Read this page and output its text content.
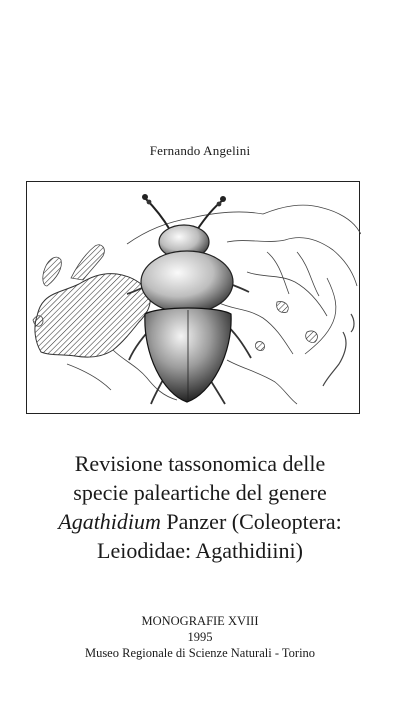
Fernando Angelini
Revisione tassonomica delle
specie paleartiche del genere
Agathidium Panzer (Coleoptera:
Leiodidae: Agathidiini)
MONOGRAFIE XVIII
1995
Museo Regionale di Scienze Naturali - Torino
